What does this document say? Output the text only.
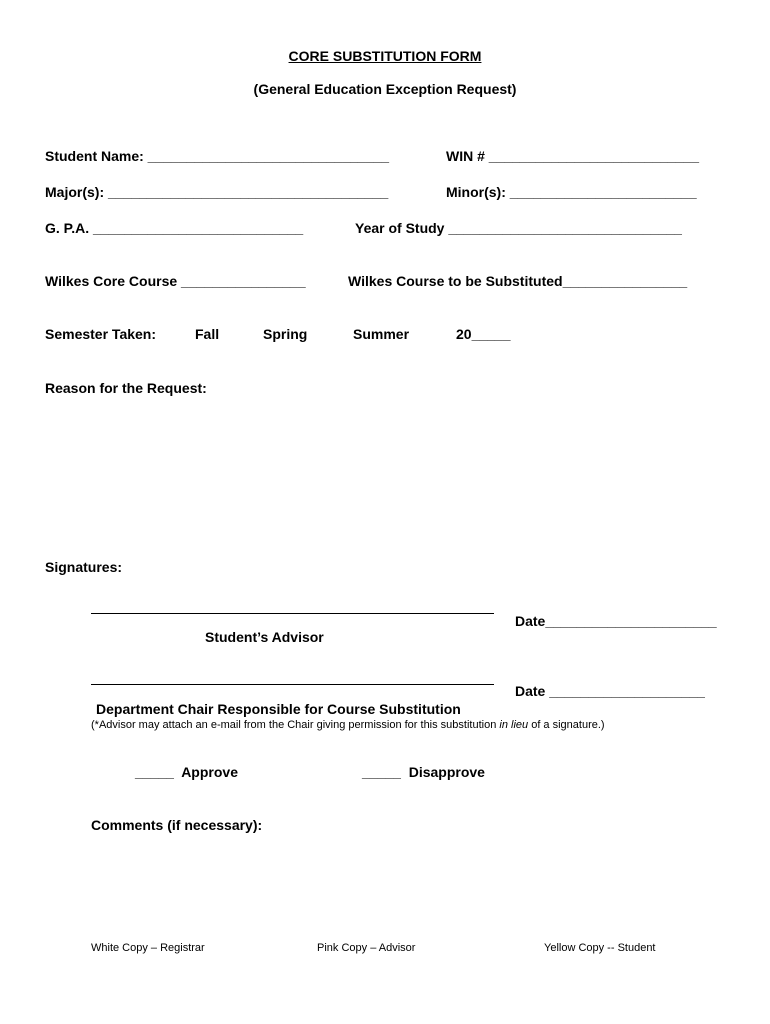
CORE SUBSTITUTION FORM
(General Education Exception Request)
Student Name: _______________________________	WIN # ___________________________
Major(s): ____________________________________	Minor(s): ________________________
G. P.A. ___________________________	Year of Study ______________________________
Wilkes Core Course ________________	Wilkes Course to be Substituted________________
Semester Taken:	Fall	Spring	Summer	20_____
Reason for the Request:
Signatures:
Date______________________
Student’s Advisor
Date ____________________
Department Chair Responsible for Course Substitution
(*Advisor may attach an e-mail from the Chair giving permission for this substitution in lieu of a signature.)
_____  Approve	_____  Disapprove
Comments (if necessary):
White Copy – Registrar	Pink Copy – Advisor	Yellow Copy -- Student
